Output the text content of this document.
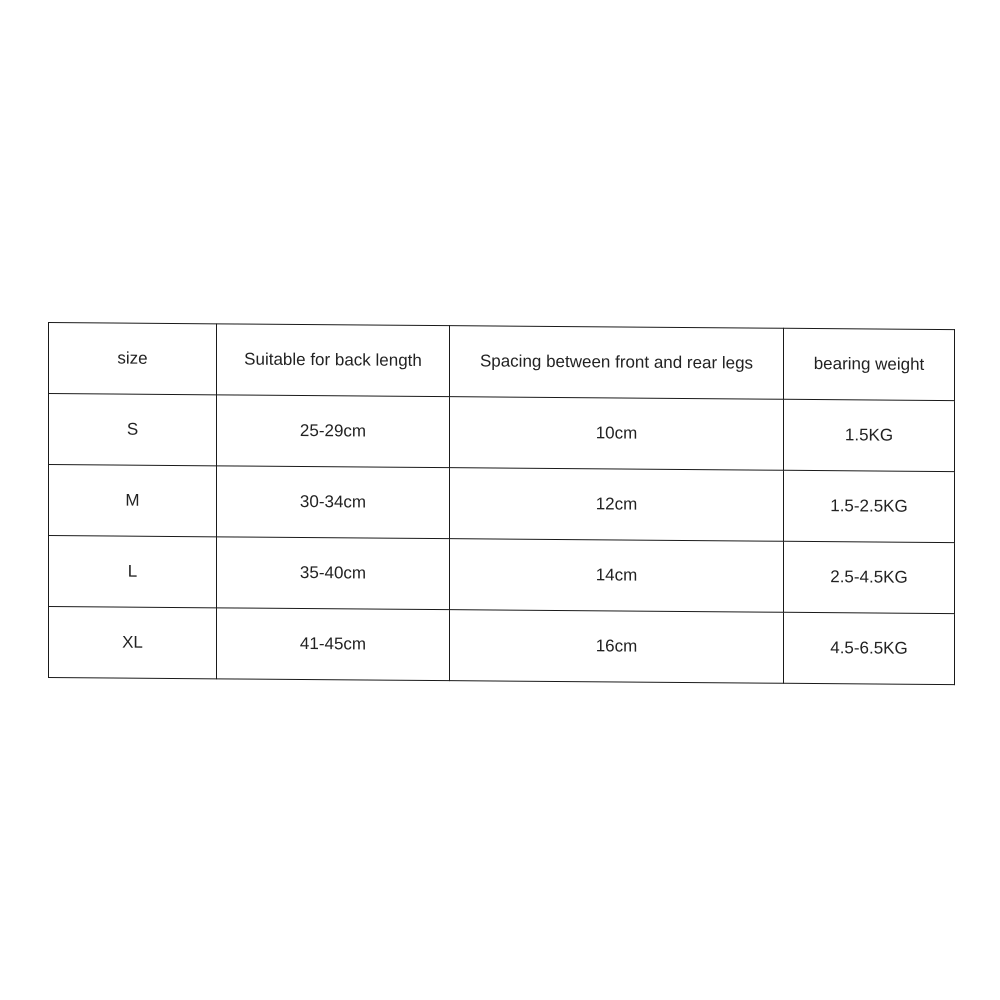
size	Suitable for back length	Spacing between front and rear legs	bearing weight
S	25-29cm	10cm	1.5KG
M	30-34cm	12cm	1.5-2.5KG
L	35-40cm	14cm	2.5-4.5KG
XL	41-45cm	16cm	4.5-6.5KG
